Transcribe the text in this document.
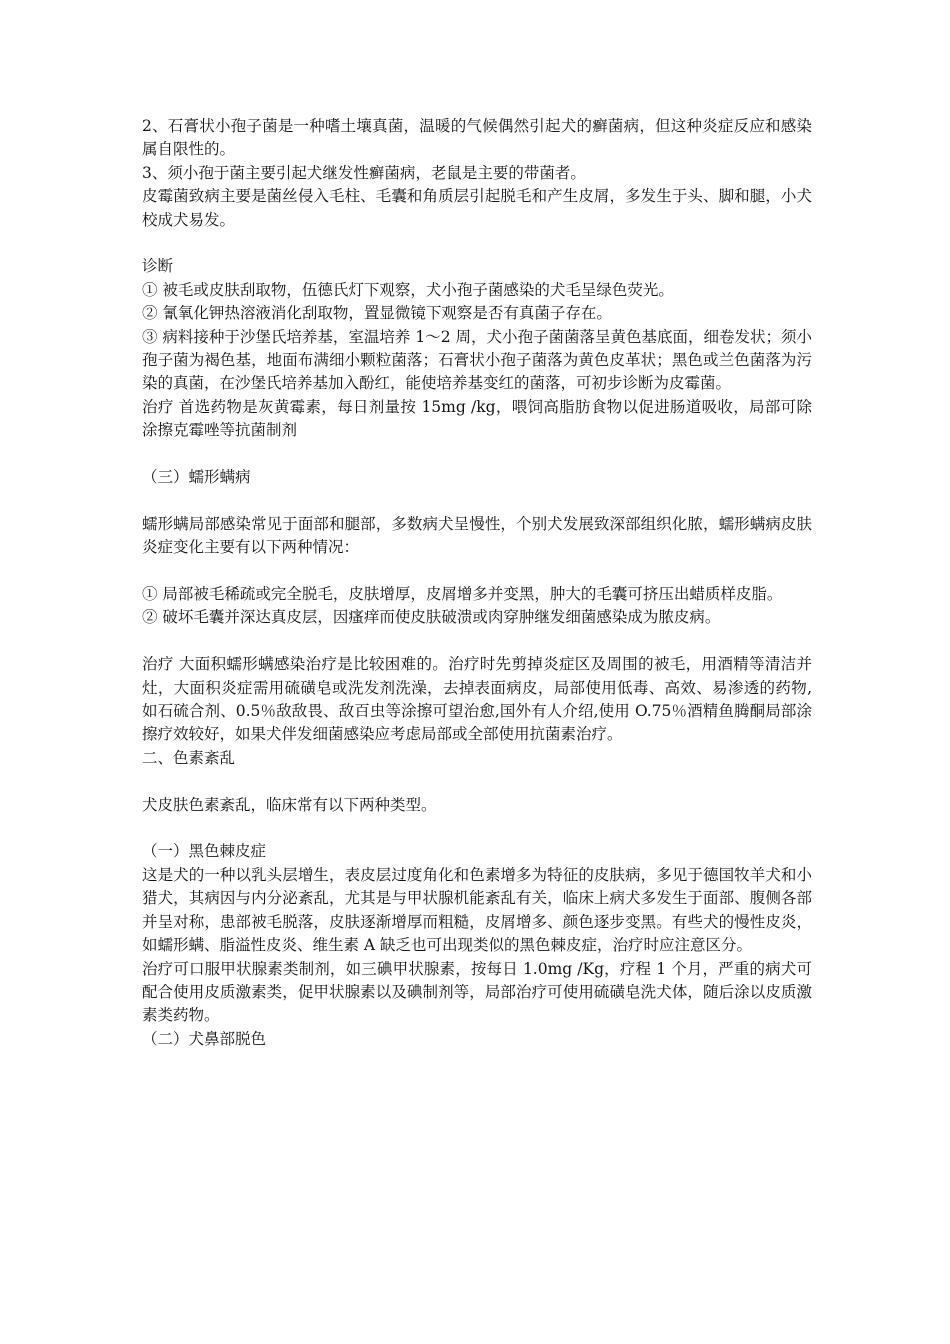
2、石膏状小孢子菌是一种嗜土壤真菌，温暖的气候偶然引起犬的癣菌病，但这种炎症反应和感染属自限性的。

3、须小孢于菌主要引起犬继发性癣菌病，老鼠是主要的带菌者。

皮霉菌致病主要是菌丝侵入毛柱、毛囊和角质层引起脱毛和产生皮屑，多发生于头、脚和腿，小犬校成犬易发。

诊断

① 被毛或皮肤刮取物，伍德氏灯下观察，犬小孢子菌感染的犬毛呈绿色荧光。

② 氰氧化钾热溶液消化刮取物，置显微镜下观察是否有真菌子存在。

③ 病料接种于沙堡氏培养基，室温培养 1～2 周，犬小孢子菌菌落呈黄色基底面，细卷发状；须小孢子菌为褐色基，地面布满细小颗粒菌落；石膏状小孢子菌落为黄色皮革状；黑色或兰色菌落为污染的真菌，在沙堡氏培养基加入酚红，能使培养基变红的菌落，可初步诊断为皮霉菌。

治疗 首选药物是灰黄霉素，每日剂量按 15mg /kg，喂饲高脂肪食物以促进肠道吸收，局部可除涂擦克霉唑等抗菌制剂

（三）蠕形螨病

蠕形螨局部感染常见于面部和腿部，多数病犬呈慢性，个别犬发展致深部组织化脓，蠕形螨病皮肤炎症变化主要有以下两种情况：

① 局部被毛稀疏或完全脱毛，皮肤增厚，皮屑增多并变黑，肿大的毛囊可挤压出蜡质样皮脂。

② 破坏毛囊并深达真皮层，因瘙痒而使皮肤破溃或肉穿肿继发细菌感染成为脓皮病。

治疗 大面积蠕形螨感染治疗是比较困难的。治疗时先剪掉炎症区及周围的被毛，用酒精等清洁并灶，大面积炎症需用硫磺皂或洗发剂洗澡，去掉表面病皮，局部使用低毒、高效、易渗透的药物,如石硫合剂、0.5％敌敌畏、敌百虫等涂擦可望治愈,国外有人介绍,使用 O.75％酒精鱼腾酮局部涂擦疗效较好，如果犬伴发细菌感染应考虑局部或全部使用抗菌素治疗。

二、色素紊乱

犬皮肤色素紊乱，临床常有以下两种类型。

（一）黑色棘皮症

这是犬的一种以乳头层增生，表皮层过度角化和色素增多为特征的皮肤病，多见于德国牧羊犬和小猎犬，其病因与内分泌紊乱，尤其是与甲状腺机能紊乱有关，临床上病犬多发生于面部、腹侧各部并呈对称，患部被毛脱落，皮肤逐渐增厚而粗糙，皮屑增多、颜色逐步变黑。有些犬的慢性皮炎，如蠕形螨、脂溢性皮炎、维生素 A 缺乏也可出现类似的黑色棘皮症，治疗时应注意区分。

治疗可口服甲状腺素类制剂，如三碘甲状腺素，按每日 1.0mg /Kg，疗程 1 个月，严重的病犬可配合使用皮质激素类，促甲状腺素以及碘制剂等，局部治疗可使用硫磺皂洗犬体，随后涂以皮质激素类药物。

（二）犬鼻部脱色
